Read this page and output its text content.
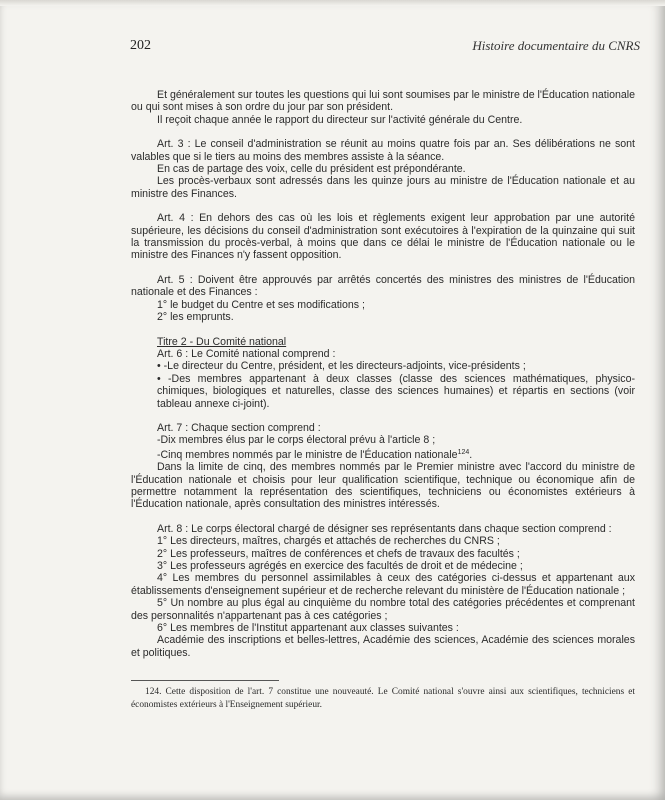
202	Histoire documentaire du CNRS

Et généralement sur toutes les questions qui lui sont soumises par le ministre de l'Éducation nationale ou qui sont mises à son ordre du jour par son président.

Il reçoit chaque année le rapport du directeur sur l'activité générale du Centre.

Art. 3 : Le conseil d'administration se réunit au moins quatre fois par an. Ses délibérations ne sont valables que si le tiers au moins des membres assiste à la séance.

En cas de partage des voix, celle du président est prépondérante.

Les procès-verbaux sont adressés dans les quinze jours au ministre de l'Éducation nationale et au ministre des Finances.

Art. 4 : En dehors des cas où les lois et règlements exigent leur approbation par une autorité supérieure, les décisions du conseil d'administration sont exécutoires à l'expiration de la quinzaine qui suit la transmission du procès-verbal, à moins que dans ce délai le ministre de l'Éducation nationale ou le ministre des Finances n'y fassent opposition.

Art. 5 : Doivent être approuvés par arrêtés concertés des ministres des ministres de l'Éducation nationale et des Finances :

1° le budget du Centre et ses modifications ;

2° les emprunts.

Titre 2 - Du Comité national

Art. 6 : Le Comité national comprend :

• -Le directeur du Centre, président, et les directeurs-adjoints, vice-présidents ;

• -Des membres appartenant à deux classes (classe des sciences mathématiques, physico-chimiques, biologiques et naturelles, classe des sciences humaines) et répartis en sections (voir tableau annexe ci-joint).

Art. 7 : Chaque section comprend :

-Dix membres élus par le corps électoral prévu à l'article 8 ;

-Cinq membres nommés par le ministre de l'Éducation nationale$^{124}$.

Dans la limite de cinq, des membres nommés par le Premier ministre avec l'accord du ministre de l'Éducation nationale et choisis pour leur qualification scientifique, technique ou économique afin de permettre notamment la représentation des scientifiques, techniciens ou économistes extérieurs à l'Éducation nationale, après consultation des ministres intéressés.

Art. 8 : Le corps électoral chargé de désigner ses représentants dans chaque section comprend :

1° Les directeurs, maîtres, chargés et attachés de recherches du CNRS ;

2° Les professeurs, maîtres de conférences et chefs de travaux des facultés ;

3° Les professeurs agrégés en exercice des facultés de droit et de médecine ;

4° Les membres du personnel assimilables à ceux des catégories ci-dessus et appartenant aux établissements d'enseignement supérieur et de recherche relevant du ministère de l'Éducation nationale ;

5° Un nombre au plus égal au cinquième du nombre total des catégories précédentes et comprenant des personnalités n'appartenant pas à ces catégories ;

6° Les membres de l'Institut appartenant aux classes suivantes :

Académie des inscriptions et belles-lettres, Académie des sciences, Académie des sciences morales et politiques.

124. Cette disposition de l'art. 7 constitue une nouveauté. Le Comité national s'ouvre ainsi aux scientifiques, techniciens et économistes extérieurs à l'Enseignement supérieur.
